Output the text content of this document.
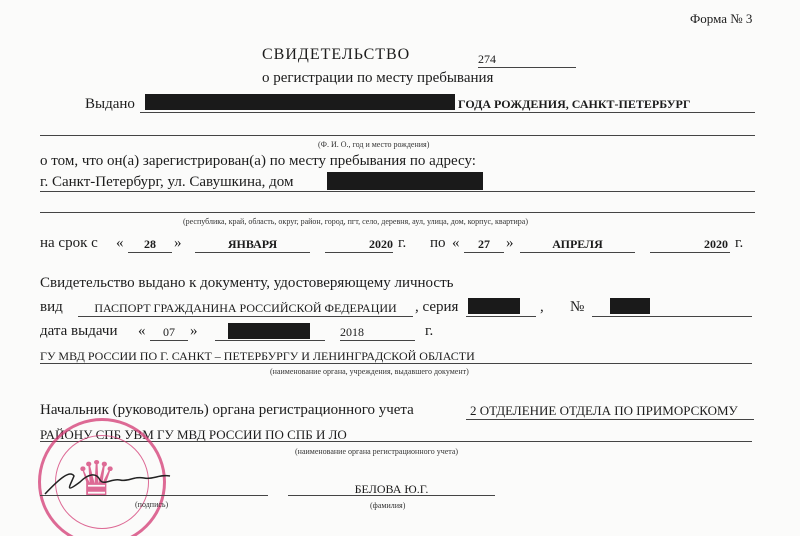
Форма № 3
СВИДЕТЕЛЬСТВО	274
о регистрации по месту пребывания
Выдано	ГОДА РОЖДЕНИЯ, САНКТ-ПЕТЕРБУРГ
(Ф. И. О., год и место рождения)
о том, что он(а) зарегистрирован(а) по месту пребывания по адресу:
г. Санкт-Петербург, ул. Савушкина, дом
(республика, край, область, округ, район, город, пгт, село, деревня, аул, улица, дом, корпус, квартира)
на срок с «	28	»	ЯНВАРЯ	2020 г. по «	27	»	АПРЕЛЯ	2020 г.
Свидетельство выдано к документу, удостоверяющему личность
вид	ПАСПОРТ ГРАЖДАНИНА РОССИЙСКОЙ ФЕДЕРАЦИИ	, серия	, №
дата выдачи «	07	»	2018	г.
ГУ МВД РОССИИ ПО Г. САНКТ – ПЕТЕРБУРГУ И ЛЕНИНГРАДСКОЙ ОБЛАСТИ
(наименование органа, учреждения, выдавшего документ)
Начальник (руководитель) органа регистрационного учета	2 ОТДЕЛЕНИЕ ОТДЕЛА ПО ПРИМОРСКОМУ
РАЙОНУ СПБ УВМ ГУ МВД РОССИИ ПО СПБ И ЛО
(наименование органа регистрационного учета)
♛ (подпись)
БЕЛОВА Ю.Г.
(фамилия)
